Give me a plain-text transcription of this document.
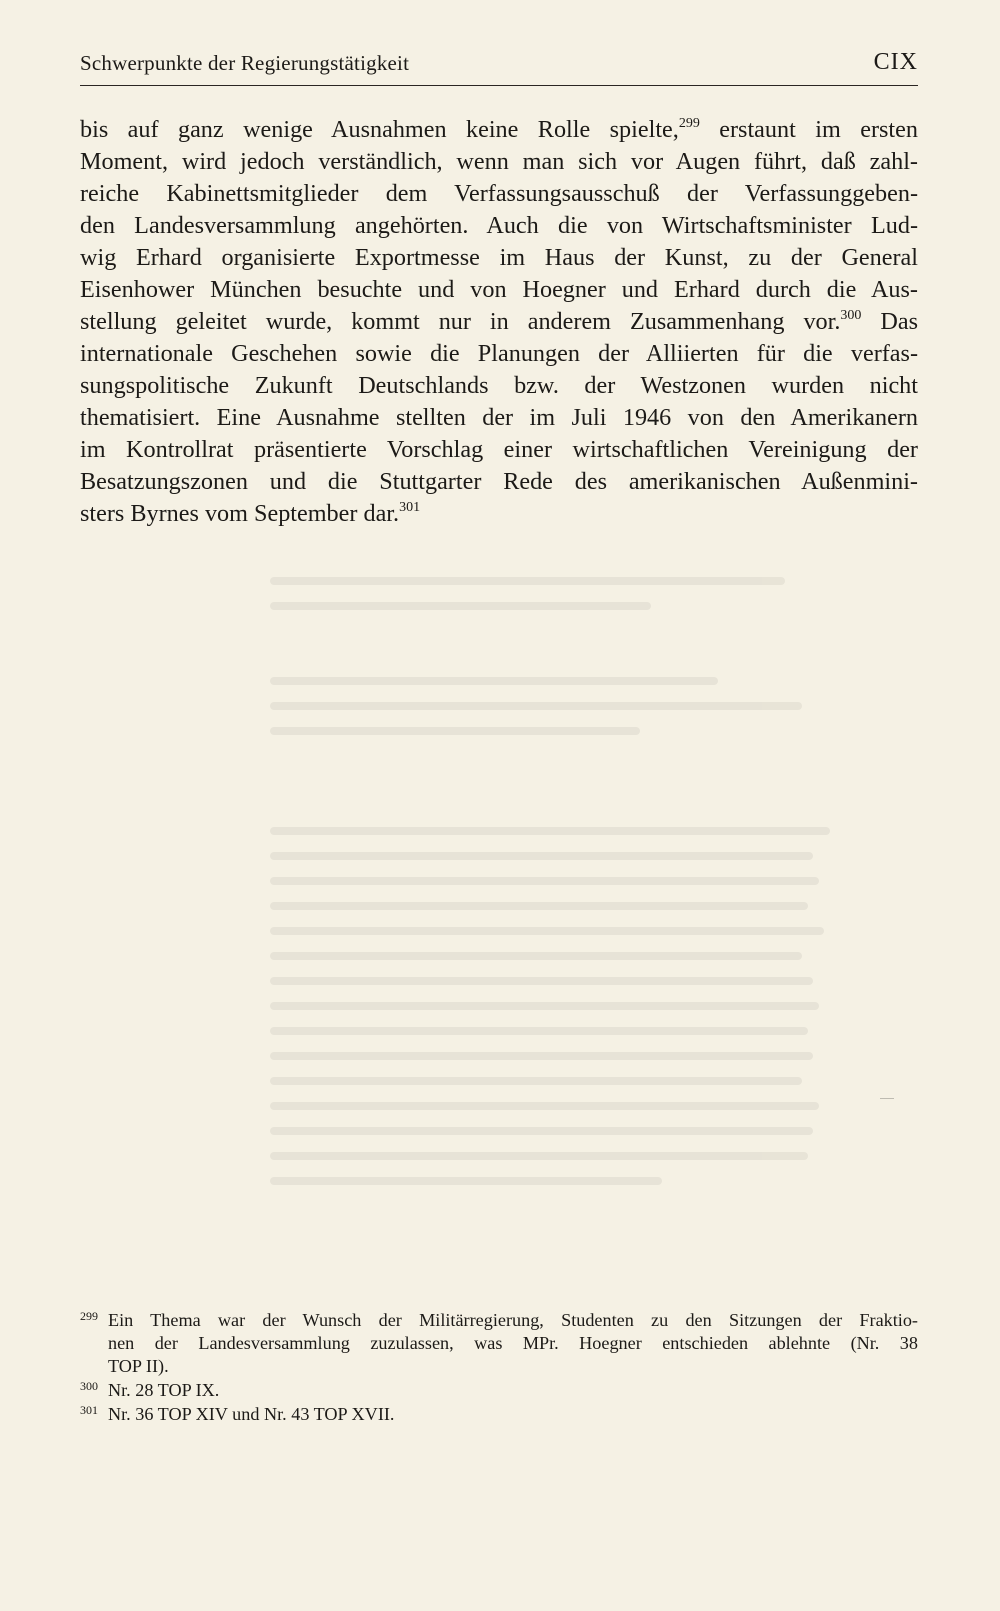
Schwerpunkte der Regierungstätigkeit	CIX
bis auf ganz wenige Ausnahmen keine Rolle spielte,$^{299}$ erstaunt im ersten
Moment, wird jedoch verständlich, wenn man sich vor Augen führt, daß zahl-
reiche Kabinettsmitglieder dem Verfassungsausschuß der Verfassunggeben-
den Landesversammlung angehörten. Auch die von Wirtschaftsminister Lud-
wig Erhard organisierte Exportmesse im Haus der Kunst, zu der General
Eisenhower München besuchte und von Hoegner und Erhard durch die Aus-
stellung geleitet wurde, kommt nur in anderem Zusammenhang vor.$^{300}$ Das
internationale Geschehen sowie die Planungen der Alliierten für die verfas-
sungspolitische Zukunft Deutschlands bzw. der Westzonen wurden nicht
thematisiert. Eine Ausnahme stellten der im Juli 1946 von den Amerikanern
im Kontrollrat präsentierte Vorschlag einer wirtschaftlichen Vereinigung der
Besatzungszonen und die Stuttgarter Rede des amerikanischen Außenmini-
sters Byrnes vom September dar.$^{301}$
299 Ein Thema war der Wunsch der Militärregierung, Studenten zu den Sitzungen der Fraktio-
nen der Landesversammlung zuzulassen, was MPr. Hoegner entschieden ablehnte (Nr. 38
TOP II).
300 Nr. 28 TOP IX.
301 Nr. 36 TOP XIV und Nr. 43 TOP XVII.
